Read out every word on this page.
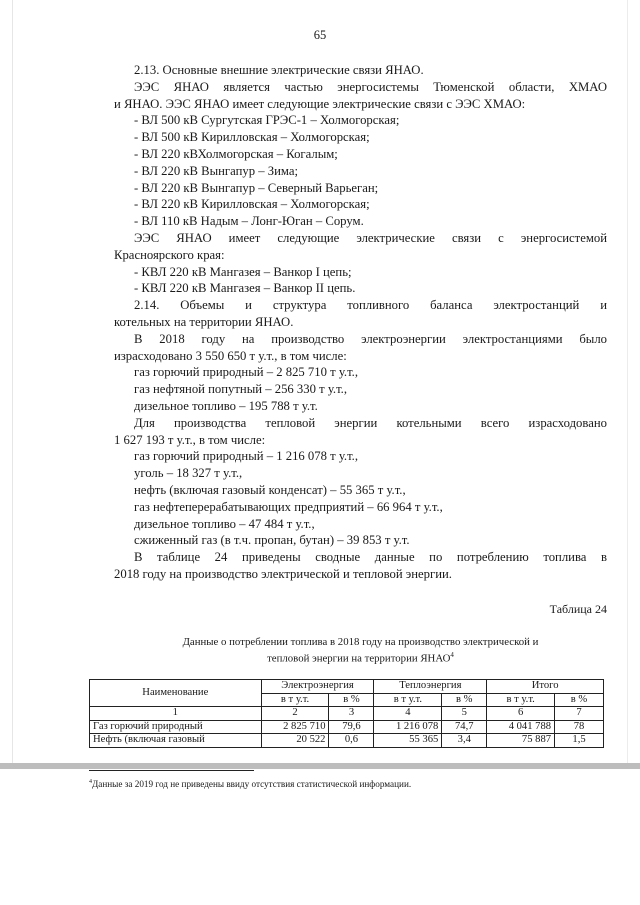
65

2.13. Основные внешние электрические связи ЯНАО.

ЭЭС ЯНАО является частью энергосистемы Тюменской области, ХМАО

и ЯНАО. ЭЭС ЯНАО имеет следующие электрические связи с ЭЭС ХМАО:

- ВЛ 500 кВ Сургутская ГРЭС-1 – Холмогорская;

- ВЛ 500 кВ Кирилловская – Холмогорская;

- ВЛ 220 кВХолмогорская – Когалым;

- ВЛ 220 кВ Вынгапур – Зима;

- ВЛ 220 кВ Вынгапур – Северный Варьеган;

- ВЛ 220 кВ Кирилловская – Холмогорская;

- ВЛ 110 кВ Надым – Лонг-Юган – Сорум.

ЭЭС ЯНАО имеет следующие электрические связи с энергосистемой

Красноярского края:

- КВЛ 220 кВ Мангазея – Ванкор I цепь;

- КВЛ 220 кВ Мангазея – Ванкор II цепь.

2.14. Объемы и структура топливного баланса электростанций и

котельных на территории ЯНАО.

В 2018 году на производство электроэнергии электростанциями было

израсходовано 3 550 650 т у.т., в том числе:

газ горючий природный – 2 825 710 т у.т.,

газ нефтяной попутный – 256 330 т у.т.,

дизельное топливо – 195 788 т у.т.

Для производства тепловой энергии котельными всего израсходовано

1 627 193 т у.т., в том числе:

газ горючий природный – 1 216 078 т у.т.,

уголь – 18 327 т у.т.,

нефть (включая газовый конденсат) – 55 365 т у.т.,

газ нефтеперерабатывающих предприятий – 66 964 т у.т.,

дизельное топливо – 47 484 т у.т.,

сжиженный газ (в т.ч. пропан, бутан) – 39 853 т у.т.

В таблице 24 приведены сводные данные по потреблению топлива в

2018 году на производство электрической и тепловой энергии.

Таблица 24
Данные о потреблении топлива в 2018 году на производство электрической и
тепловой энергии на территории ЯНАО$^4$
Наименование	Электроэнергия		Теплоэнергия		Итого	
	в т у.т.	в %	в т у.т.	в %	в т у.т.	в %
1	2	3	4	5	6	7
Газ горючий природный	2 825 710	79,6	1 216 078	74,7	4 041 788	78
Нефть (включая газовый	20 522	0,6	55 365	3,4	75 887	1,5
$^4$Данные за 2019 год не приведены ввиду отсутствия статистической информации.
